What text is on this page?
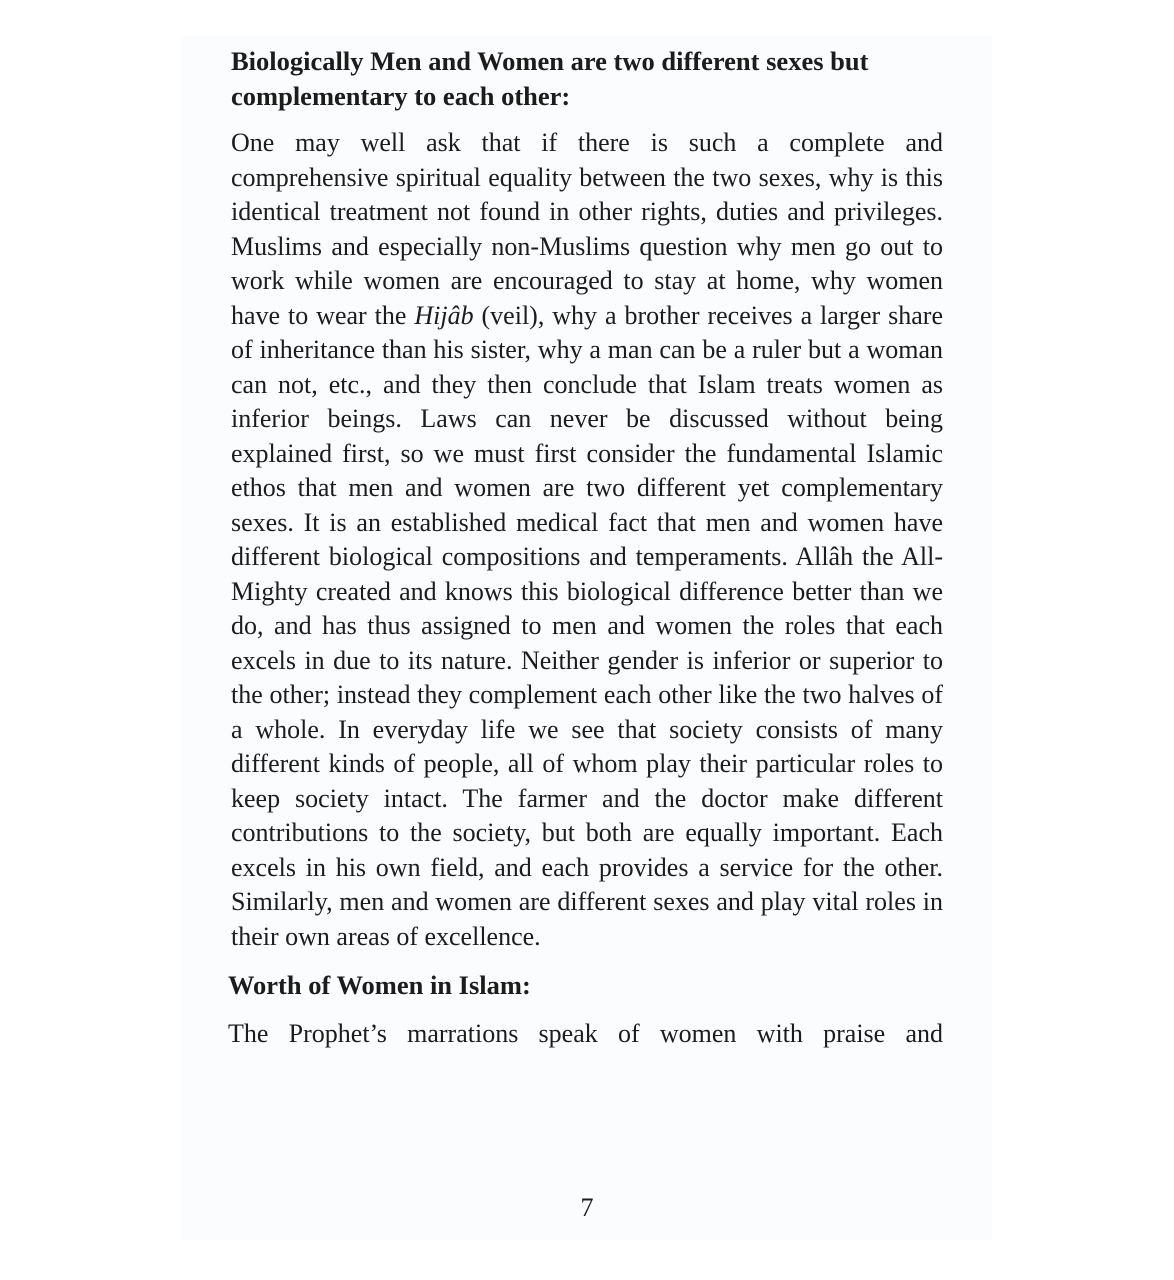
Biologically Men and Women are two different sexes but complementary to each other:

One may well ask that if there is such a complete and comprehensive spiritual equality between the two sexes, why is this identical treatment not found in other rights, duties and privileges. Muslims and especially non-Muslims question why men go out to work while women are encouraged to stay at home, why women have to wear the Hijâb (veil), why a brother receives a larger share of inheritance than his sister, why a man can be a ruler but a woman can not, etc., and they then conclude that Islam treats women as inferior beings. Laws can never be discussed without being explained first, so we must first consider the fundamental Islamic ethos that men and women are two different yet complementary sexes. It is an established medical fact that men and women have different biological compositions and temperaments. Allâh the All-Mighty created and knows this biological difference better than we do, and has thus assigned to men and women the roles that each excels in due to its nature. Neither gender is inferior or superior to the other; instead they complement each other like the two halves of a whole. In everyday life we see that society consists of many different kinds of people, all of whom play their particular roles to keep society intact. The farmer and the doctor make different contributions to the society, but both are equally important. Each excels in his own field, and each provides a service for the other. Similarly, men and women are different sexes and play vital roles in their own areas of excellence.

Worth of Women in Islam:

The Prophet’s marrations speak of women with praise and

7
